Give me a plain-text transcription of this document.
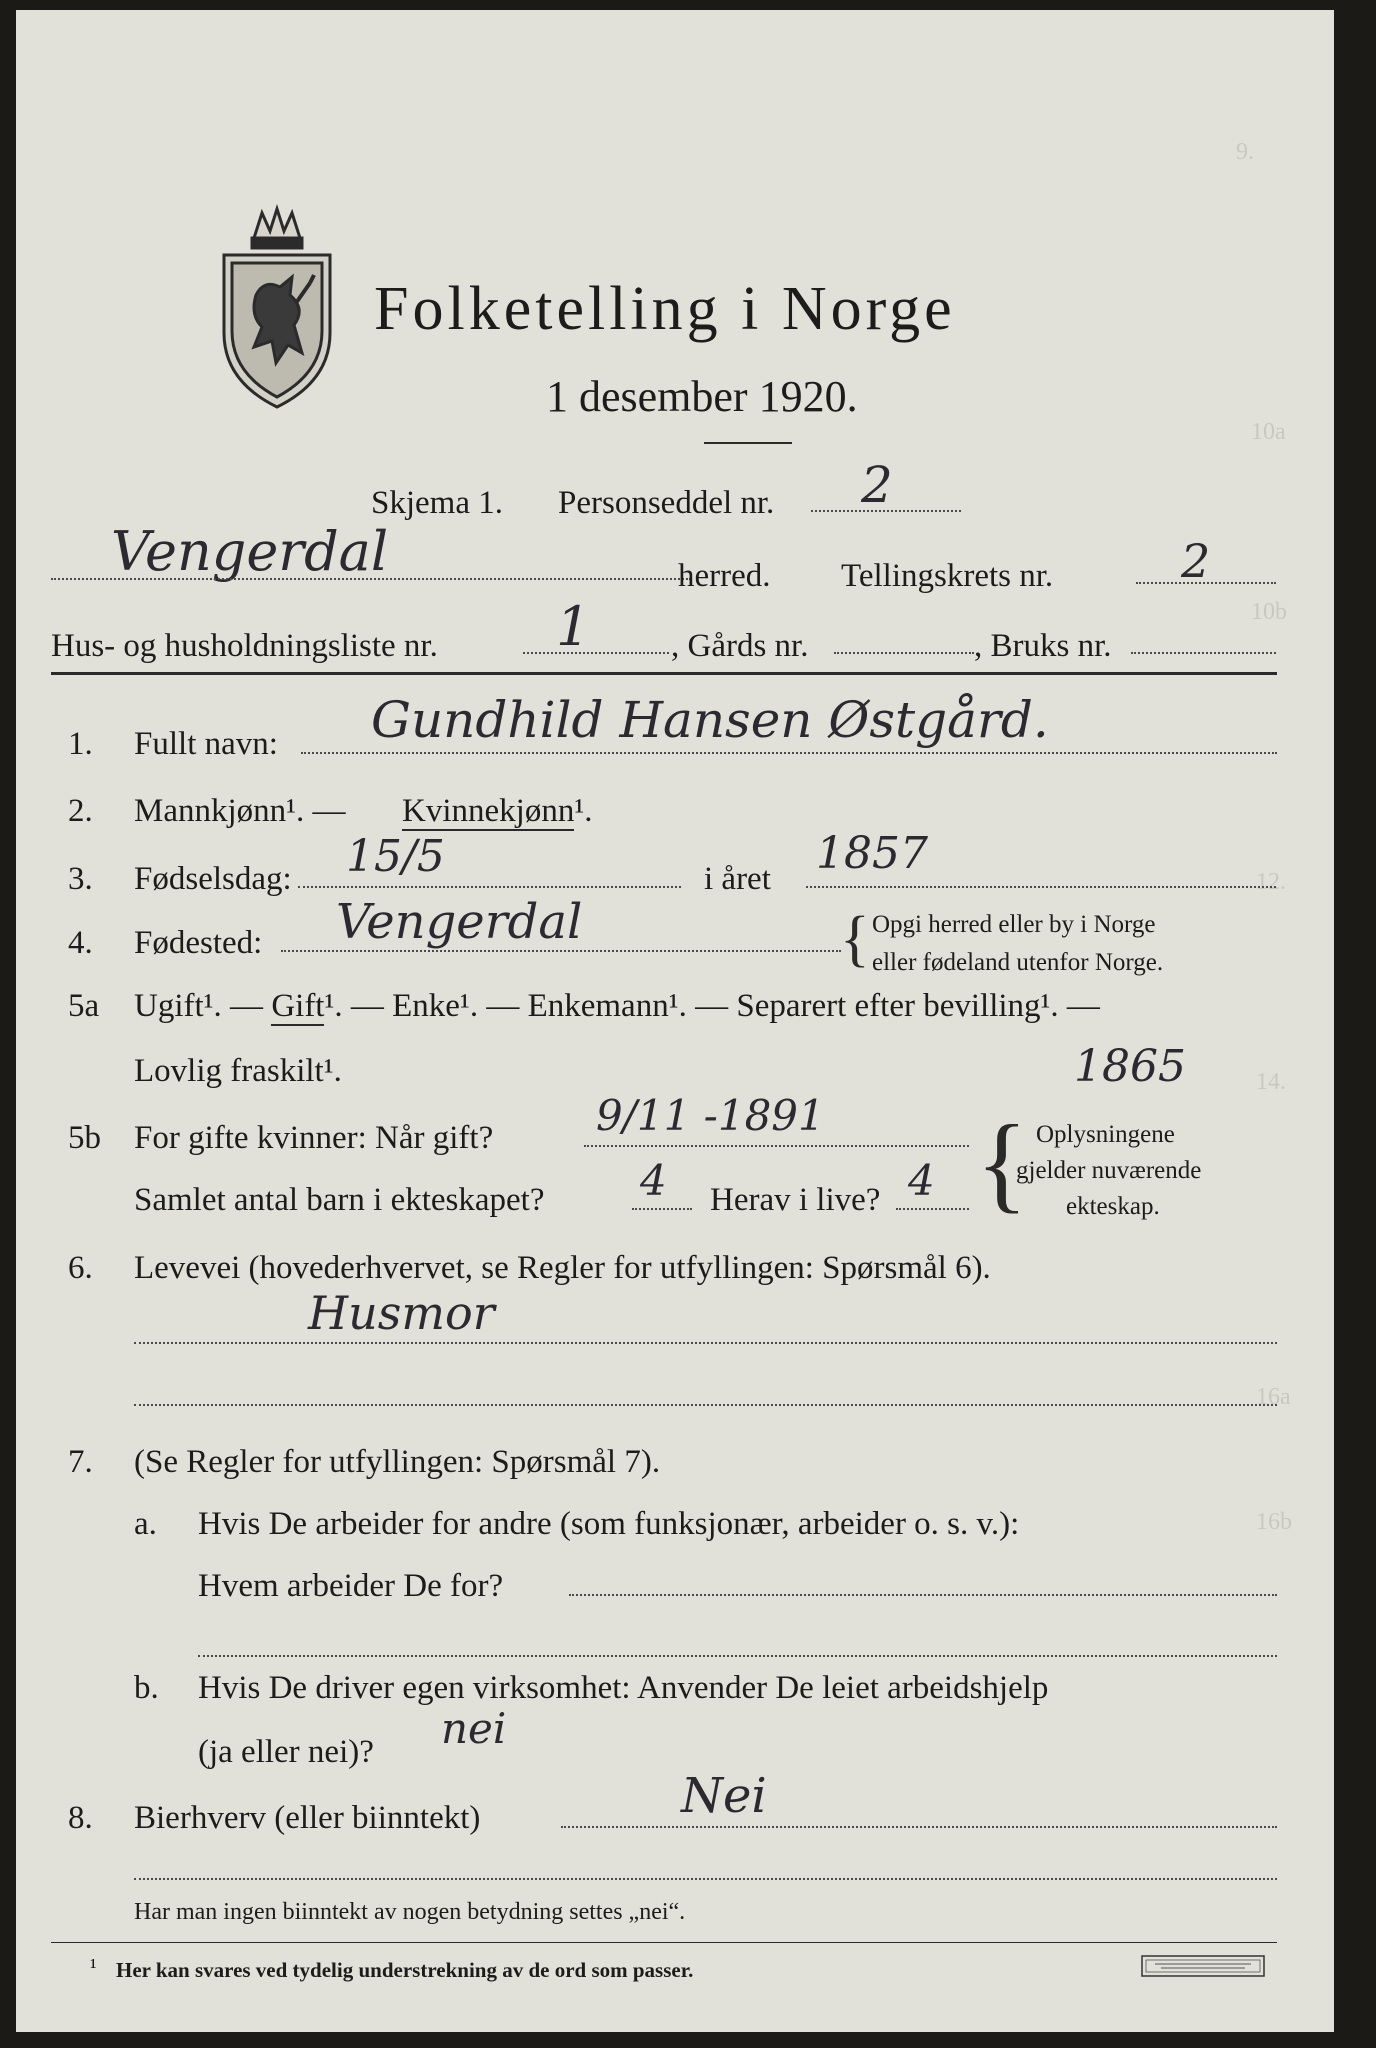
9.
10a
10b
12.
14.
16a
16b
Folketelling i Norge
1 desember 1920.
Skjema 1. Personseddel nr. 2
Vengerdal	herred. Tellingskrets nr.	2
Hus- og husholdningsliste nr. 1 , Gårds nr.	, Bruks nr.
1. Fullt navn: Gundhild Hansen Østgård.
2. Mannkjønn¹. — Kvinnekjønn¹.
3. Fødselsdag: 15/5	i året 1857
4. Fødested: Vengerdal	{ Opgi herred eller by i Norge
eller fødeland utenfor Norge.
5a Ugift¹. — Gift¹. — Enke¹. — Enkemann¹. — Separert efter bevilling¹. —
Lovlig fraskilt¹.	1865
5b For gifte kvinner: Når gift? 9/11 -1891
Samlet antal barn i ekteskapet? 4 Herav i live? 4 { Oplysningene
gjelder nuværende
ekteskap.
6. Levevei (hovederhvervet, se Regler for utfyllingen: Spørsmål 6).
Husmor
7. (Se Regler for utfyllingen: Spørsmål 7).
a. Hvis De arbeider for andre (som funksjonær, arbeider o. s. v.):
Hvem arbeider De for?
b. Hvis De driver egen virksomhet: Anvender De leiet arbeidshjelp
(ja eller nei)? nei
8. Bierhverv (eller biinntekt)	Nei
Har man ingen biinntekt av nogen betydning settes „nei“.
¹ Her kan svares ved tydelig understrekning av de ord som passer.
